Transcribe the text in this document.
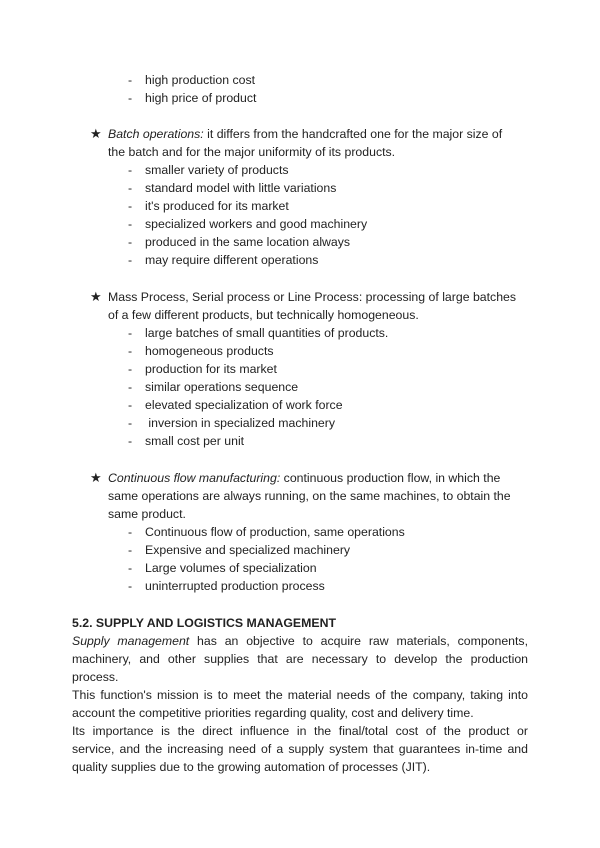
- high production cost
- high price of product
★ Batch operations: it differs from the handcrafted one for the major size of
the batch and for the major uniformity of its products.
- smaller variety of products
- standard model with little variations
- it's produced for its market
- specialized workers and good machinery
- produced in the same location always
- may require different operations
★ Mass Process, Serial process or Line Process: processing of large batches
of a few different products, but technically homogeneous.
- large batches of small quantities of products.
- homogeneous products
- production for its market
- similar operations sequence
- elevated specialization of work force
- inversion in specialized machinery
- small cost per unit
★ Continuous flow manufacturing: continuous production flow, in which the
same operations are always running, on the same machines, to obtain the
same product.
- Continuous flow of production, same operations
- Expensive and specialized machinery
- Large volumes of specialization
- uninterrupted production process
5.2. SUPPLY AND LOGISTICS MANAGEMENT
Supply management has an objective to acquire raw materials, components,
machinery, and other supplies that are necessary to develop the production
process.
This function's mission is to meet the material needs of the company, taking into
account the competitive priorities regarding quality, cost and delivery time.
Its importance is the direct influence in the final/total cost of the product or
service, and the increasing need of a supply system that guarantees in-time and
quality supplies due to the growing automation of processes (JIT).
